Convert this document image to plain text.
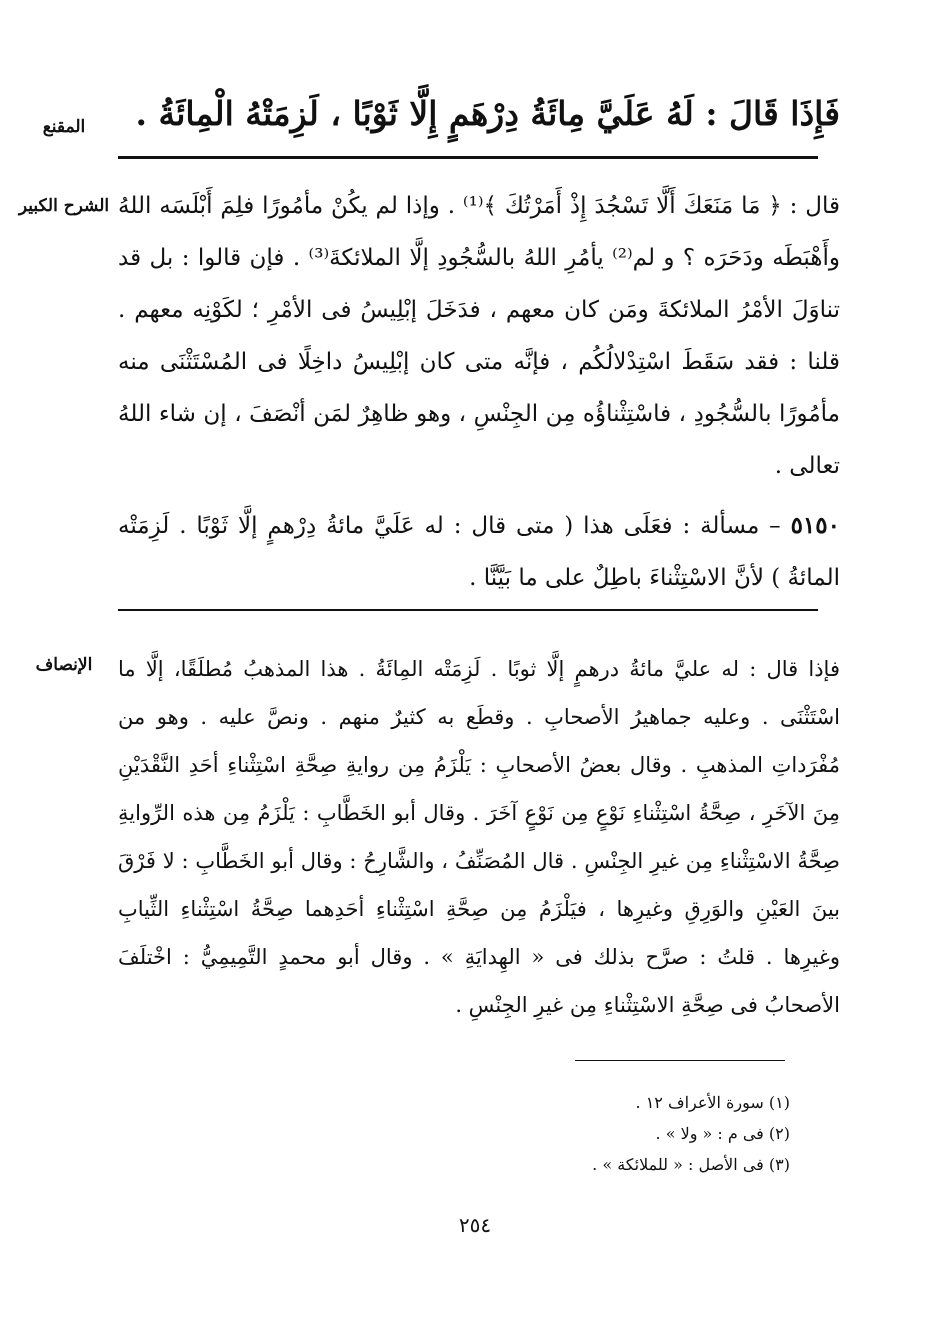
المقنع	فَإِذَا قَالَ : لَهُ عَلَيَّ مِائَةُ دِرْهَمٍ إِلَّا ثَوْبًا ، لَزِمَتْهُ الْمِائَةُ .
الشرح الكبير قال : ﴿ مَا مَنَعَكَ أَلَّا تَسْجُدَ إِذْ أَمَرْتُكَ ﴾⁽¹⁾ . وإذا لم يكُنْ مأمُورًا فلِمَ أَبْلَسَه اللهُ وأَهْبَطَه ودَحَرَه ؟ و لم⁽²⁾ يأمُرِ اللهُ بالسُّجُودِ إلَّا الملائكةَ⁽³⁾ . فإن قالوا : بل قد تناوَلَ الأمْرُ الملائكةَ ومَن كان معهم ، فدَخَلَ إبْلِيسُ فى الأمْرِ ؛ لكَوْنِه معهم . قلنا : فقد سَقَطَ اسْتِدْلالُكُم ، فإنَّه متى كان إبْلِيسُ داخِلًا فى المُسْتَثْنَى منه مأمُورًا بالسُّجُودِ ، فاسْتِثْناؤُه مِن الجِنْسِ ، وهو ظاهِرٌ لمَن أنْصَفَ ، إن شاء اللهُ تعالى .

٥١٥٠ – مسألة : فعَلَى هذا ( متى قال : له عَلَيَّ مائةُ دِرْهمٍ إلَّا ثَوْبًا . لَزِمَتْه المائةُ ) لأنَّ الاسْتِثْناءَ باطِلٌ على ما بَيَّنَّا .

الإنصاف	فإذا قال : له عليَّ مائةُ درهمٍ إلَّا ثوبًا . لَزِمَتْه المِائَةُ . هذا المذهبُ مُطلَقًا، إلَّا ما اسْتَثْنَى . وعليه جماهيرُ الأصحابِ . وقطَع به كثيرٌ منهم . ونصَّ عليه . وهو من مُفْرَداتِ المذهبِ . وقال بعضُ الأصحابِ : يَلْزَمُ مِن روايةِ صِحَّةِ اسْتِثْناءِ أحَدِ النَّقْدَيْنِ مِنَ الآخَرِ ، صِحَّةُ اسْتِثْناءِ نَوْعٍ مِن نَوْعٍ آخَرَ . وقال أبو الخَطَّابِ : يَلْزَمُ مِن هذه الرِّوايةِ صِحَّةُ الاسْتِثْناءِ مِن غيرِ الجِنْسِ . قال المُصَنِّفُ ، والشَّارِحُ : وقال أبو الخَطَّابِ : لا فَرْقَ بينَ العَيْنِ والوَرِقِ وغيرِها ، فيَلْزَمُ مِن صِحَّةِ اسْتِثْناءِ أحَدِهما صِحَّةُ اسْتِثْناءِ الثِّيابِ وغيرِها . قلتُ : صرَّح بذلك فى « الهِدايَةِ » . وقال أبو محمدٍ التَّمِيمِيُّ : اخْتلَفَ الأصحابُ فى صِحَّةِ الاسْتِثْناءِ مِن غيرِ الجِنْسِ .
(١) سورة الأعراف ١٢ .
(٢) فى م : « ولا » .
(٣) فى الأصل : « للملائكة » .
٢٥٤
